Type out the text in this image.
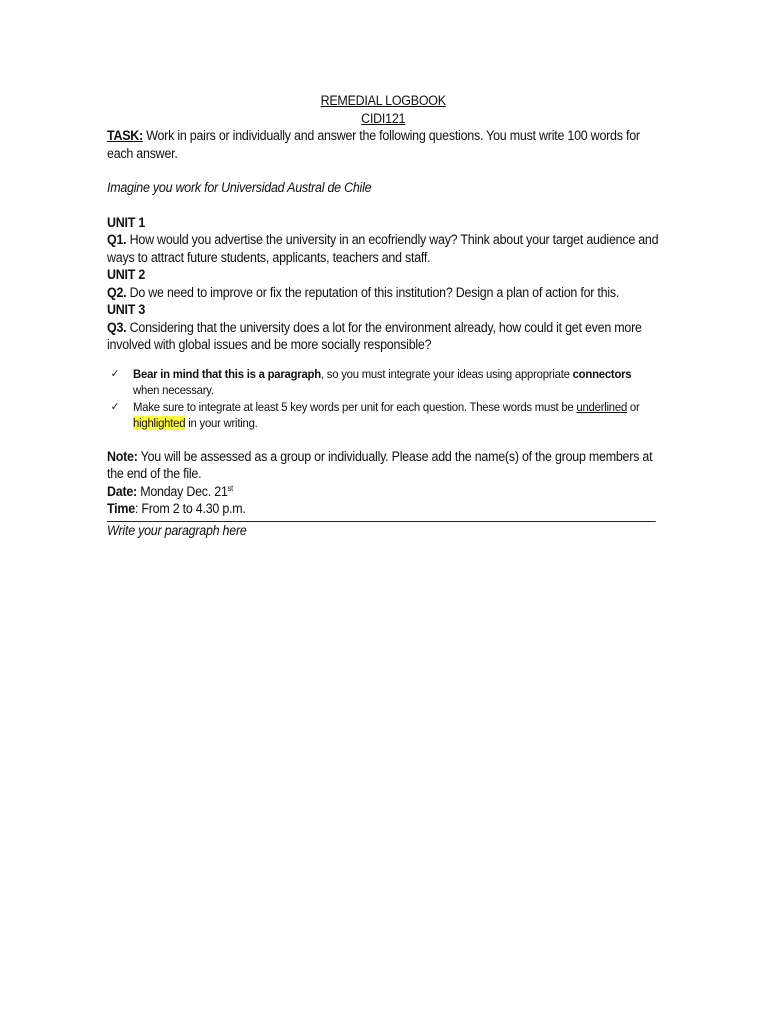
REMEDIAL LOGBOOK
CIDI121

TASK: Work in pairs or individually and answer the following questions. You must write 100 words for each answer.

Imagine you work for Universidad Austral de Chile

UNIT 1

Q1. How would you advertise the university in an ecofriendly way? Think about your target audience and ways to attract future students, applicants, teachers and staff.

UNIT 2

Q2. Do we need to improve or fix the reputation of this institution? Design a plan of action for this.

UNIT 3

Q3. Considering that the university does a lot for the environment already, how could it get even more involved with global issues and be more socially responsible?

✓ Bear in mind that this is a paragraph, so you must integrate your ideas using appropriate connectors when necessary.
✓ Make sure to integrate at least 5 key words per unit for each question. These words must be underlined or highlighted in your writing.

Note: You will be assessed as a group or individually. Please add the name(s) of the group members at the end of the file.

Date: Monday Dec. 21st

Time: From 2 to 4.30 p.m.

Write your paragraph here
